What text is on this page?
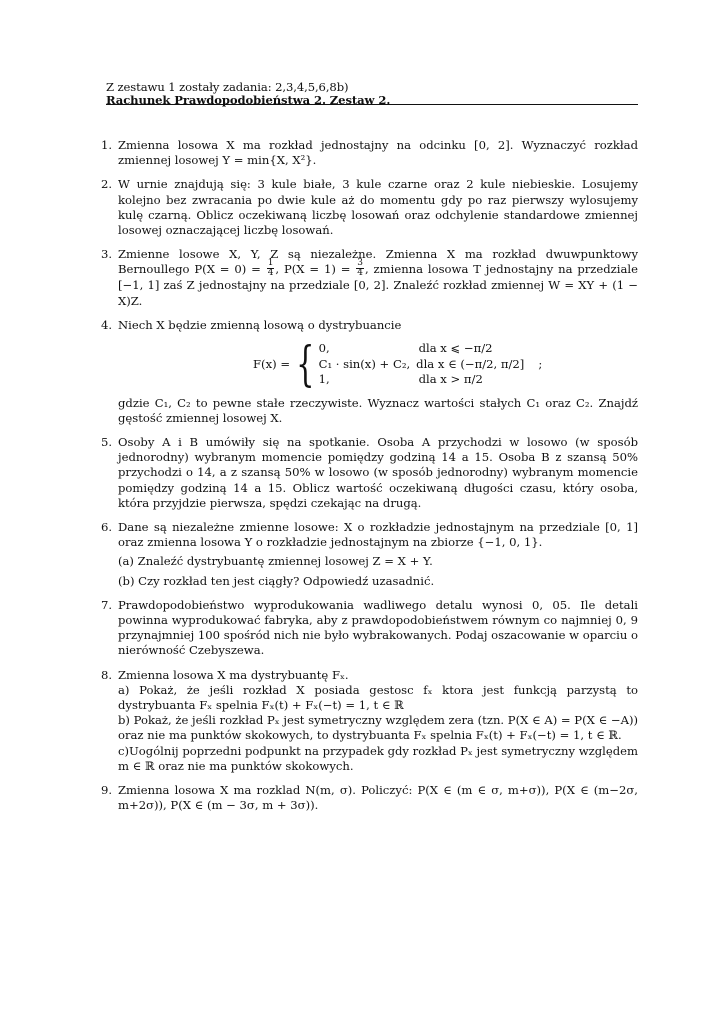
Z zestawu 1 zostały zadania: 2,3,4,5,6,8b)
Rachunek Prawdopodobieństwa 2. Zestaw 2.
1. Zmienna losowa X ma rozkład jednostajny na odcinku [0, 2]. Wyznaczyć rozkład zmiennej losowej Y = min{X, X²}.
2. W urnie znajdują się: 3 kule białe, 3 kule czarne oraz 2 kule niebieskie. Losujemy kolejno bez zwracania po dwie kule aż do momentu gdy po raz pierwszy wylosujemy kulę czarną. Oblicz oczekiwaną liczbę losowań oraz odchylenie standardowe zmiennej losowej oznaczającej liczbę losowań.
3. Zmienne losowe X, Y, Z są niezależne. Zmienna X ma rozkład dwuwpunktowy Bernoullego $P(X = 0) = \frac{1}{4}$ , $P(X = 1) = \frac{3}{4}$ , zmienna losowa T jednostajny na przedziale [−1, 1] zaś Z jednostajny na przedziale [0, 2]. Znaleźć rozkład zmiennej W = XY + (1 − X)Z.
4. Niech X będzie zmienną losową o dystrybuancie
F(x) = { 0,	dla x ⩽ −π/2
C₁ · sin(x) + C₂, dla x ∈ (−π/2, π/2]
1,	dla x > π/2
;
gdzie C₁, C₂ to pewne stałe rzeczywiste. Wyznacz wartości stałych C₁ oraz C₂. Znajdź gęstość zmiennej losowej X.
5. Osoby A i B umówiły się na spotkanie. Osoba A przychodzi w losowo (w sposób jednorodny) wybranym momencie pomiędzy godziną 14 a 15. Osoba B z szansą 50% przychodzi o 14, a z szansą 50% w losowo (w sposób jednorodny) wybranym momencie pomiędzy godziną 14 a 15. Oblicz wartość oczekiwaną długości czasu, który osoba, która przyjdzie pierwsza, spędzi czekając na drugą.
6. Dane są niezależne zmienne losowe: X o rozkładzie jednostajnym na przedziale [0, 1] oraz zmienna losowa Y o rozkładzie jednostajnym na zbiorze {−1, 0, 1}.
(a) Znaleźć dystrybuantę zmiennej losowej Z = X + Y.
(b) Czy rozkład ten jest ciągły? Odpowiedź uzasadnić.
7. Prawdopodobieństwo wyprodukowania wadliwego detalu wynosi 0, 05. Ile detali powinna wyprodukować fabryka, aby z prawdopodobieństwem równym co najmniej 0, 9 przynajmniej 100 spośród nich nie było wybrakowanych. Podaj oszacowanie w oparciu o nierówność Czebyszewa.
8. Zmienna losowa X ma dystrybuantę Fₓ.
a) Pokaż, że jeśli rozkład X posiada gestosc fₓ ktora jest funkcją parzystą to dystrybuanta Fₓ spelnia Fₓ(t) + Fₓ(−t) = 1, t ∈ ℝ
b) Pokaż, że jeśli rozkład Pₓ jest symetryczny względem zera (tzn. P(X ∈ A) = P(X ∈ −A)) oraz nie ma punktów skokowych, to dystrybuanta Fₓ spelnia Fₓ(t) + Fₓ(−t) = 1, t ∈ ℝ.
c)Uogólnij poprzedni podpunkt na przypadek gdy rozkład Pₓ jest symetryczny względem m ∈ ℝ oraz nie ma punktów skokowych.
9. Zmienna losowa X ma rozklad N(m, σ). Policzyć: P(X ∈ (m ∈ σ, m+σ)), P(X ∈ (m−2σ, m+2σ)), P(X ∈ (m − 3σ, m + 3σ)).
